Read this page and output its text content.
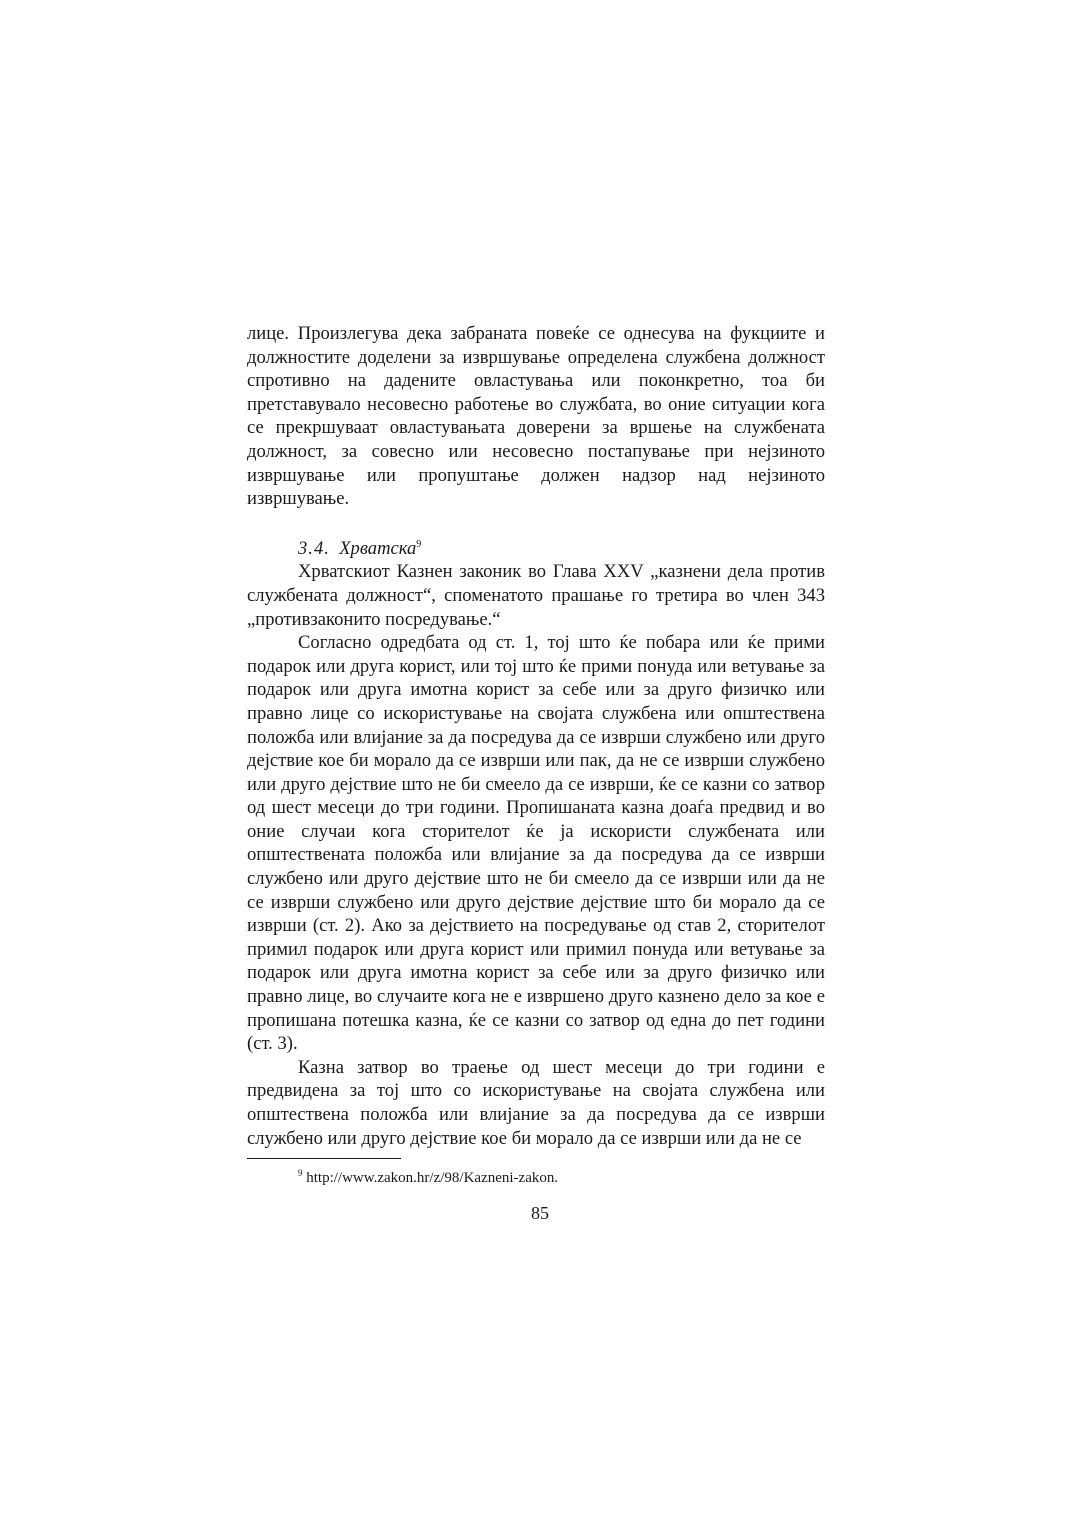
лице. Произлегува дека забраната повеќе се однесува на фукциите и должностите доделени за извршување определена службена должност спротивно на дадените овластувања или поконкретно, тоа би претставувало несовесно работење во службата, во оние ситуации кога се прекршуваат овластувањата доверени за вршење на службената должност, за совесно или несовесно постапување при нејзиното извршување или пропуштање должен надзор над нејзиното извршување.

3.4. Хрватска$^9$

Хрватскиот Казнен законик во Глава XXV „казнени дела против службената должност“, споменатото прашање го третира во член 343 „противзаконито посредување.“

Согласно одредбата од ст. 1, тој што ќе побара или ќе прими подарок или друга корист, или тој што ќе прими понуда или ветување за подарок или друга имотна корист за себе или за друго физичко или правно лице со искористување на својата службена или општествена положба или влијание за да посредува да се изврши службено или друго дејствие кое би морало да се изврши или пак, да не се изврши службено или друго дејствие што не би смеело да се изврши, ќе се казни со затвор од шест месеци до три години. Пропишаната казна доаѓа предвид и во оние случаи кога сторителот ќе ја искористи службената или општествената положба или влијание за да посредува да се изврши службено или друго дејствие што не би смеело да се изврши или да не се изврши службено или друго дејствие дејствие што би морало да се изврши (ст. 2). Ако за дејствието на посредување од став 2, сторителот примил подарок или друга корист или примил понуда или ветување за подарок или друга имотна корист за себе или за друго физичко или правно лице, во случаите кога не е извршено друго казнено дело за кое е пропишана потешка казна, ќе се казни со затвор од една до пет години (ст. 3).

Казна затвор во траење од шест месеци до три години е предвидена за тој што со искористување на својата службена или општествена положба или влијание за да посредува да се изврши службено или друго дејствие кое би морало да се изврши или да не се

$^9$ http://www.zakon.hr/z/98/Kazneni-zakon.
85
